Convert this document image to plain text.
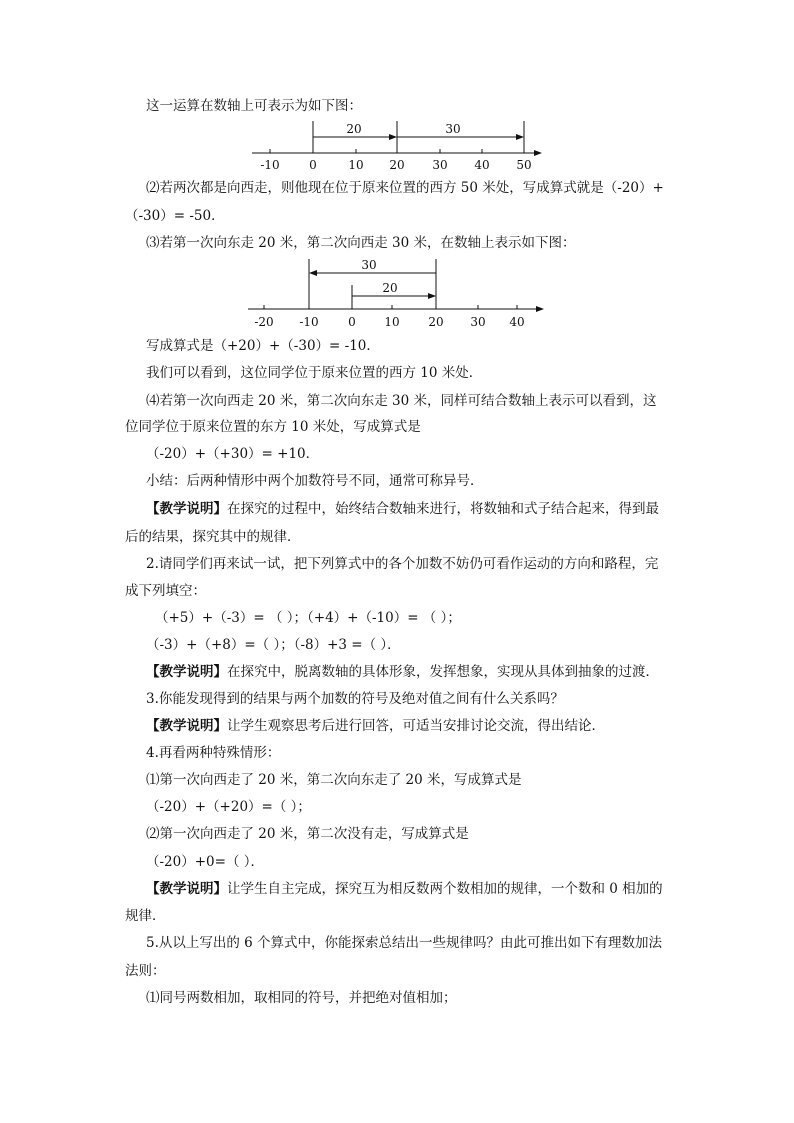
这一运算在数轴上可表示为如下图：
20	30
-10 0	10 20 30 40 50
⑵若两次都是向西走，则他现在位于原来位置的西方 50 米处，写成算式就是（-20）+
（-30）= -50．
⑶若第一次向东走 20 米，第二次向西走 30 米，在数轴上表示如下图：
30
20
-20 -10 0 10 20 30 40
写成算式是（+20）+（-30）= -10．
我们可以看到，这位同学位于原来位置的西方 10 米处．
⑷若第一次向西走 20 米，第二次向东走 30 米，同样可结合数轴上表示可以看到，这
位同学位于原来位置的东方 10 米处，写成算式是
（-20）+（+30）= +10．
小结：后两种情形中两个加数符号不同，通常可称异号．
【教学说明】在探究的过程中，始终结合数轴来进行，将数轴和式子结合起来，得到最
后的结果，探究其中的规律．
2.请同学们再来试一试，把下列算式中的各个加数不妨仍可看作运动的方向和路程，完
成下列填空：
（+5）+（-3）= （ ）；（+4）+（-10）= （ ）；
（-3）+（+8）=（ ）；（-8）+3 =（ ）．
【教学说明】在探究中，脱离数轴的具体形象，发挥想象，实现从具体到抽象的过渡．
3.你能发现得到的结果与两个加数的符号及绝对值之间有什么关系吗？
【教学说明】让学生观察思考后进行回答，可适当安排讨论交流，得出结论．
4.再看两种特殊情形：
⑴第一次向西走了 20 米，第二次向东走了 20 米，写成算式是
（-20）+（+20）=（ ）；
⑵第一次向西走了 20 米，第二次没有走，写成算式是
（-20）+0=（ ）．
【教学说明】让学生自主完成，探究互为相反数两个数相加的规律，一个数和 0 相加的
规律．
5.从以上写出的 6 个算式中，你能探索总结出一些规律吗？由此可推出如下有理数加法
法则：
⑴同号两数相加，取相同的符号，并把绝对值相加；
